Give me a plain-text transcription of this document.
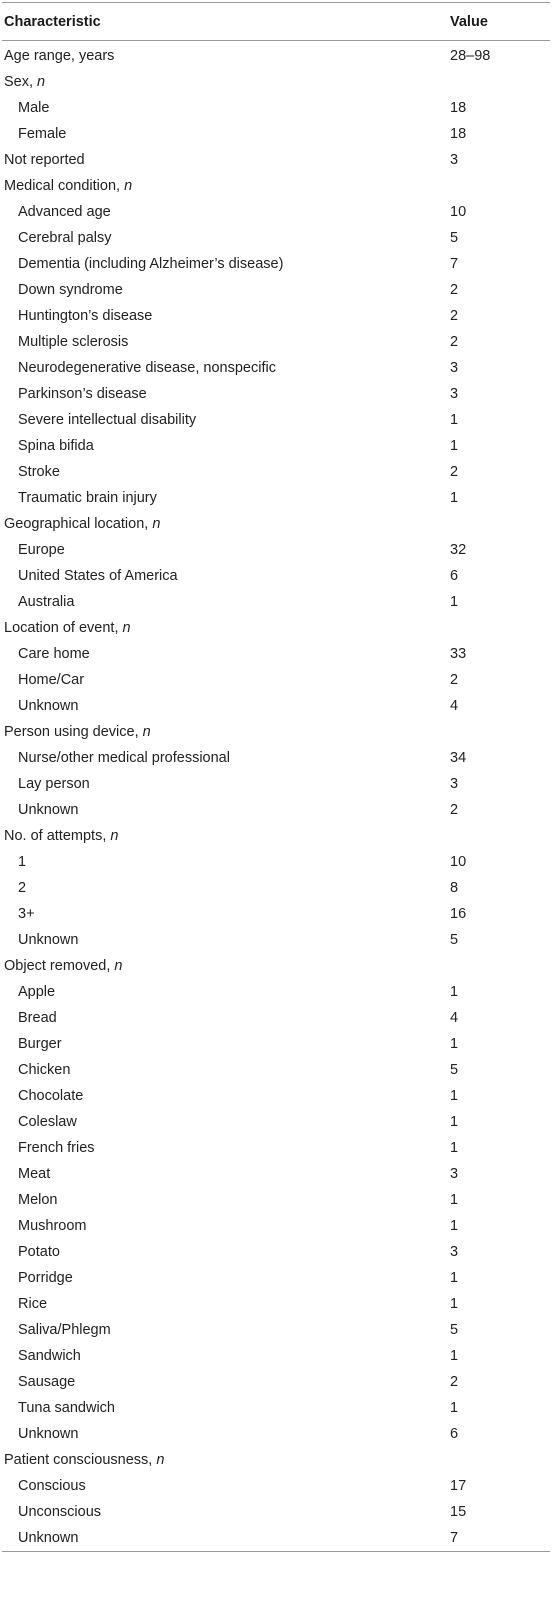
Characteristic	Value
Age range, years	28–98
Sex, n
Male	18
Female	18
Not reported	3
Medical condition, n
Advanced age	10
Cerebral palsy	5
Dementia (including Alzheimer’s disease)	7
Down syndrome	2
Huntington’s disease	2
Multiple sclerosis	2
Neurodegenerative disease, nonspecific	3
Parkinson’s disease	3
Severe intellectual disability	1
Spina bifida	1
Stroke	2
Traumatic brain injury	1
Geographical location, n
Europe	32
United States of America	6
Australia	1
Location of event, n
Care home	33
Home/Car	2
Unknown	4
Person using device, n
Nurse/other medical professional	34
Lay person	3
Unknown	2
No. of attempts, n
1	10
2	8
3+	16
Unknown	5
Object removed, n
Apple	1
Bread	4
Burger	1
Chicken	5
Chocolate	1
Coleslaw	1
French fries	1
Meat	3
Melon	1
Mushroom	1
Potato	3
Porridge	1
Rice	1
Saliva/Phlegm	5
Sandwich	1
Sausage	2
Tuna sandwich	1
Unknown	6
Patient consciousness, n
Conscious	17
Unconscious	15
Unknown	7
